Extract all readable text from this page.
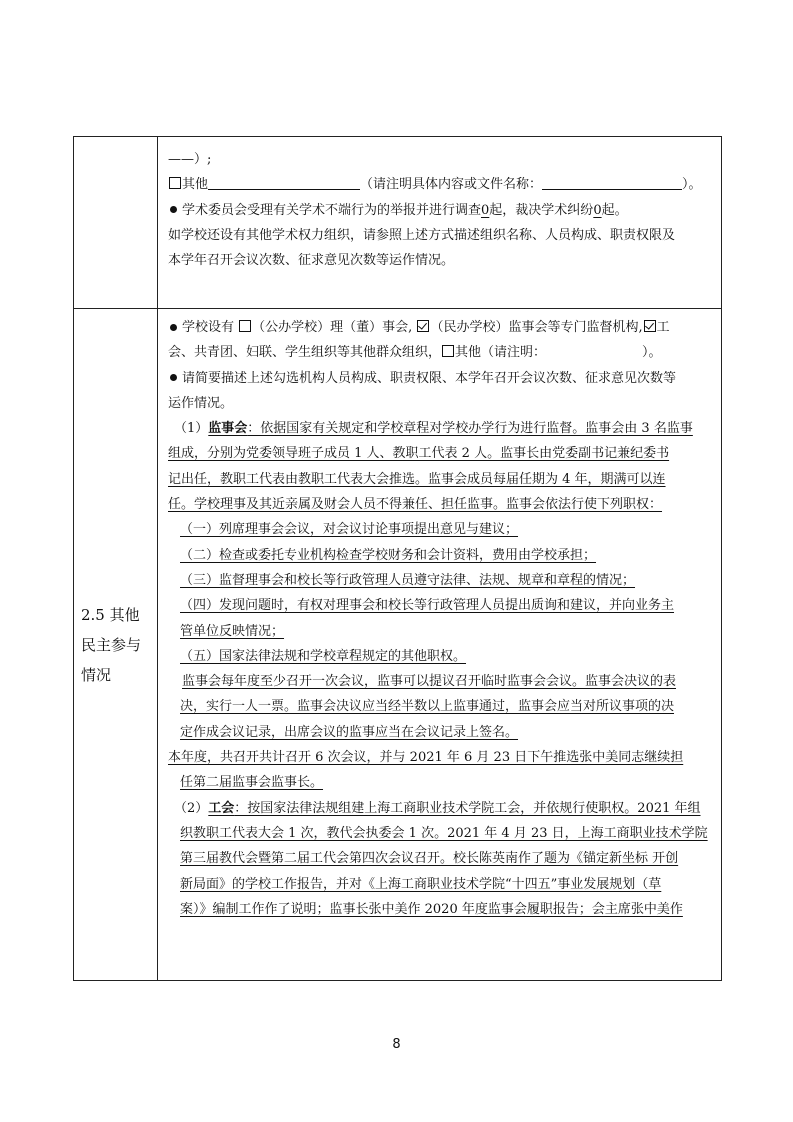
——）;
其他	（请注明具体内容或文件名称：	）。
学术委员会受理有关学术不端行为的举报并进行调查0起，裁决学术纠纷0起。
如学校还设有其他学术权力组织，请参照上述方式描述组织名称、人员构成、职责权限及
本学年召开会议次数、征求意见次数等运作情况。
2.5 其他
民主参与
情况
学校设有 （公办学校）理（董）事会, （民办学校）监事会等专门监督机构, 工
会、共青团、妇联、学生组织等其他群众组织， 其他（请注明：	）。
请简要描述上述勾选机构人员构成、职责权限、本学年召开会议次数、征求意见次数等
运作情况。
（1）监事会：依据国家有关规定和学校章程对学校办学行为进行监督。监事会由 3 名监事
组成，分别为党委领导班子成员 1 人、教职工代表 2 人。监事长由党委副书记兼纪委书
记出任，教职工代表由教职工代表大会推选。监事会成员每届任期为 4 年，期满可以连
任。学校理事及其近亲属及财会人员不得兼任、担任监事。监事会依法行使下列职权：
（一）列席理事会会议，对会议讨论事项提出意见与建议；
（二）检查或委托专业机构检查学校财务和会计资料，费用由学校承担；
（三）监督理事会和校长等行政管理人员遵守法律、法规、规章和章程的情况；
（四）发现问题时，有权对理事会和校长等行政管理人员提出质询和建议，并向业务主
管单位反映情况；
（五）国家法律法规和学校章程规定的其他职权。
监事会每年度至少召开一次会议，监事可以提议召开临时监事会会议。监事会决议的表
决，实行一人一票。监事会决议应当经半数以上监事通过，监事会应当对所议事项的决
定作成会议记录，出席会议的监事应当在会议记录上签名。
本年度，共召开共计召开 6 次会议，并与 2021 年 6 月 23 日下午推选张中美同志继续担
任第二届监事会监事长。
（2）工会：按国家法律法规组建上海工商职业技术学院工会，并依规行使职权。2021 年组
织教职工代表大会 1 次，教代会执委会 1 次。2021 年 4 月 23 日，上海工商职业技术学院
第三届教代会暨第二届工代会第四次会议召开。校长陈英南作了题为《锚定新坐标 开创
新局面》的学校工作报告，并对《上海工商职业技术学院“十四五”事业发展规划（草
案）》编制工作作了说明；监事长张中美作 2020 年度监事会履职报告；会主席张中美作
8
